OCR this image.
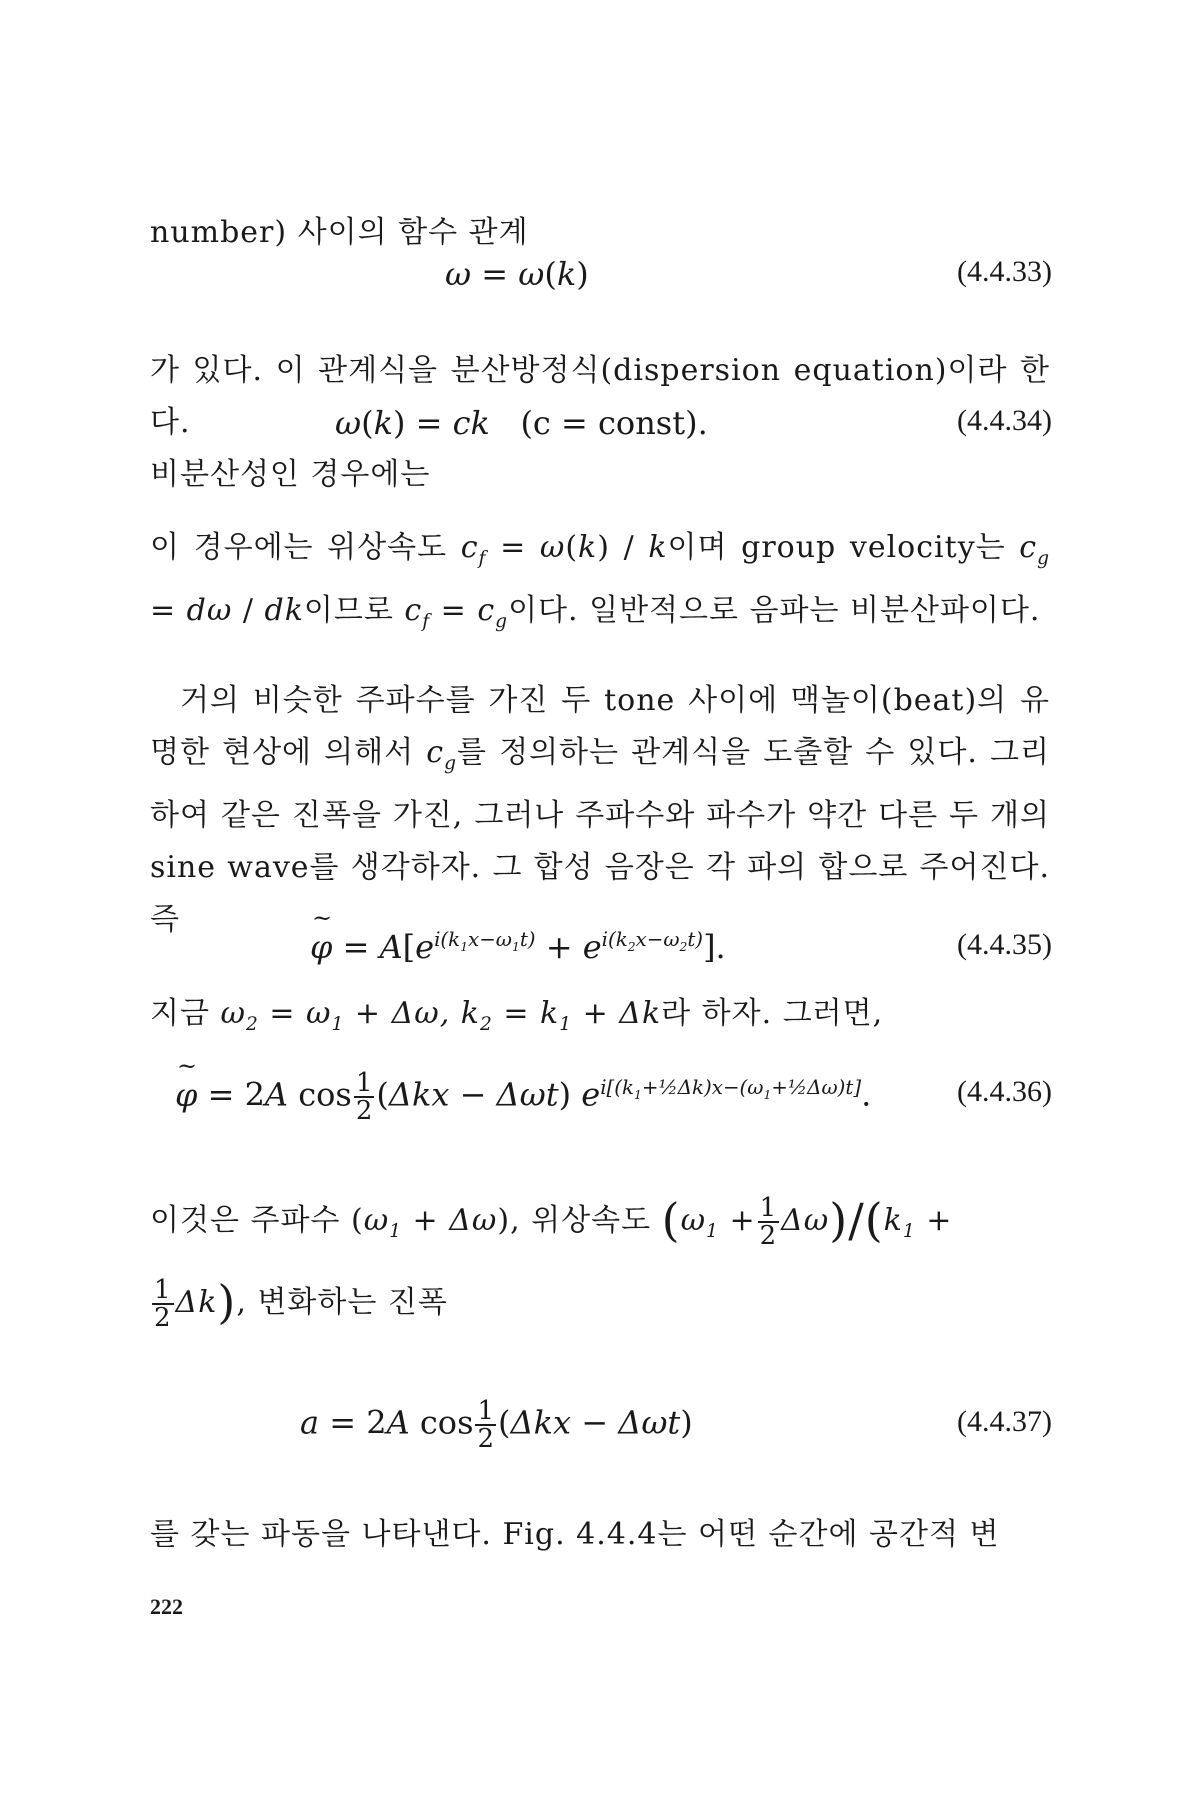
number) 사이의 함수 관계
ω = ω(k)	(4.4.33)
가 있다. 이 관계식을 분산방정식(dispersion equation)이라 한다.
비분산성인 경우에는
ω(k) = ck   (c = const).	(4.4.34)
이 경우에는 위상속도 $c_f = \omega(k) / k$이며 group velocity는 $c_g = d\omega$ / dk이므로 $c_f = c_g$이다. 일반적으로 음파는 비분산파이다.
거의 비슷한 주파수를 가진 두 tone 사이에 맥놀이(beat)의 유명한 현상에 의해서 $c_g$를 정의하는 관계식을 도출할 수 있다. 그리하여 같은 진폭을 가진, 그러나 주파수와 파수가 약간 다른 두 개의 sine wave를 생각하자. 그 합성 음장은 각 파의 합으로 주어진다. 즉
~ $\varphi = A[e^{i(k_1x-\omega_1t)} + e^{i(k_2x-\omega_2t)}]$.	(4.4.35)
지금 $\omega_2 = \omega_1 + \Delta\omega$, $k_2 = k_1 + \Delta k$라 하자. 그러면,
~ φ = 2A $\cos \frac{1}{2} (\Delta kx - \Delta\omega t)$ $e^{i[(k_1+\frac{1}{2}\Delta k)x-(\omega_1+\frac{1}{2}\Delta\omega)t]}$.	(4.4.36)
이것은 주파수 $(\omega_1 + \Delta\omega)$, 위상속도 $(\omega_1 + \frac{1}{2} \Delta\omega)/(k_1$ +

$\frac{1}{2} \Delta k$), 변화하는 진폭
a = 2A $\cos \frac{1}{2} (\Delta kx - \Delta\omega t)$	(4.4.37)
를 갖는 파동을 나타낸다. Fig. 4.4.4는 어떤 순간에 공간적 변
222
